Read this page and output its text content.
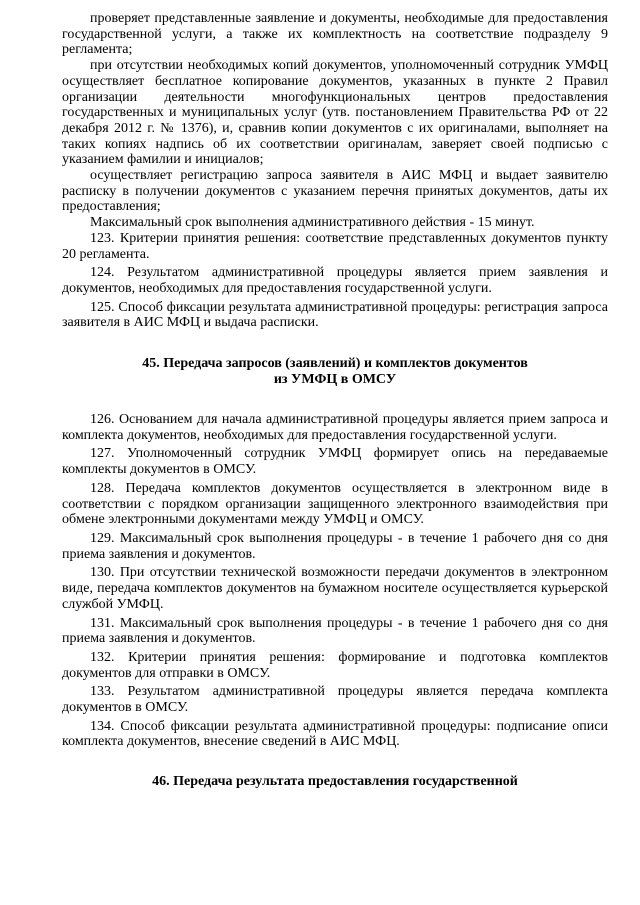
проверяет представленные заявление и документы, необходимые для предоставления государственной услуги, а также их комплектность на соответствие подразделу 9 регламента;

при отсутствии необходимых копий документов, уполномоченный сотрудник УМФЦ осуществляет бесплатное копирование документов, указанных в пункте 2 Правил организации деятельности многофункциональных центров предоставления государственных и муниципальных услуг (утв. постановлением Правительства РФ от 22 декабря 2012 г. № 1376), и, сравнив копии документов с их оригиналами, выполняет на таких копиях надпись об их соответствии оригиналам, заверяет своей подписью с указанием фамилии и инициалов;

осуществляет регистрацию запроса заявителя в АИС МФЦ и выдает заявителю расписку в получении документов с указанием перечня принятых документов, даты их предоставления;

Максимальный срок выполнения административного действия - 15 минут.

123. Критерии принятия решения: соответствие представленных документов пункту 20 регламента.

124. Результатом административной процедуры является прием заявления и документов, необходимых для предоставления государственной услуги.

125. Способ фиксации результата административной процедуры: регистрация запроса заявителя в АИС МФЦ и выдача расписки.

45. Передача запросов (заявлений) и комплектов документов
из УМФЦ в ОМСУ

126. Основанием для начала административной процедуры является прием запроса и комплекта документов, необходимых для предоставления государственной услуги.

127. Уполномоченный сотрудник УМФЦ формирует опись на передаваемые комплекты документов в ОМСУ.

128. Передача комплектов документов осуществляется в электронном виде в соответствии с порядком организации защищенного электронного взаимодействия при обмене электронными документами между УМФЦ и ОМСУ.

129. Максимальный срок выполнения процедуры - в течение 1 рабочего дня со дня приема заявления и документов.

130. При отсутствии технической возможности передачи документов в электронном виде, передача комплектов документов на бумажном носителе осуществляется курьерской службой УМФЦ.

131. Максимальный срок выполнения процедуры - в течение 1 рабочего дня со дня приема заявления и документов.

132. Критерии принятия решения: формирование и подготовка комплектов документов для отправки в ОМСУ.

133. Результатом административной процедуры является передача комплекта документов в ОМСУ.

134. Способ фиксации результата административной процедуры: подписание описи комплекта документов, внесение сведений в АИС МФЦ.

46. Передача результата предоставления государственной
